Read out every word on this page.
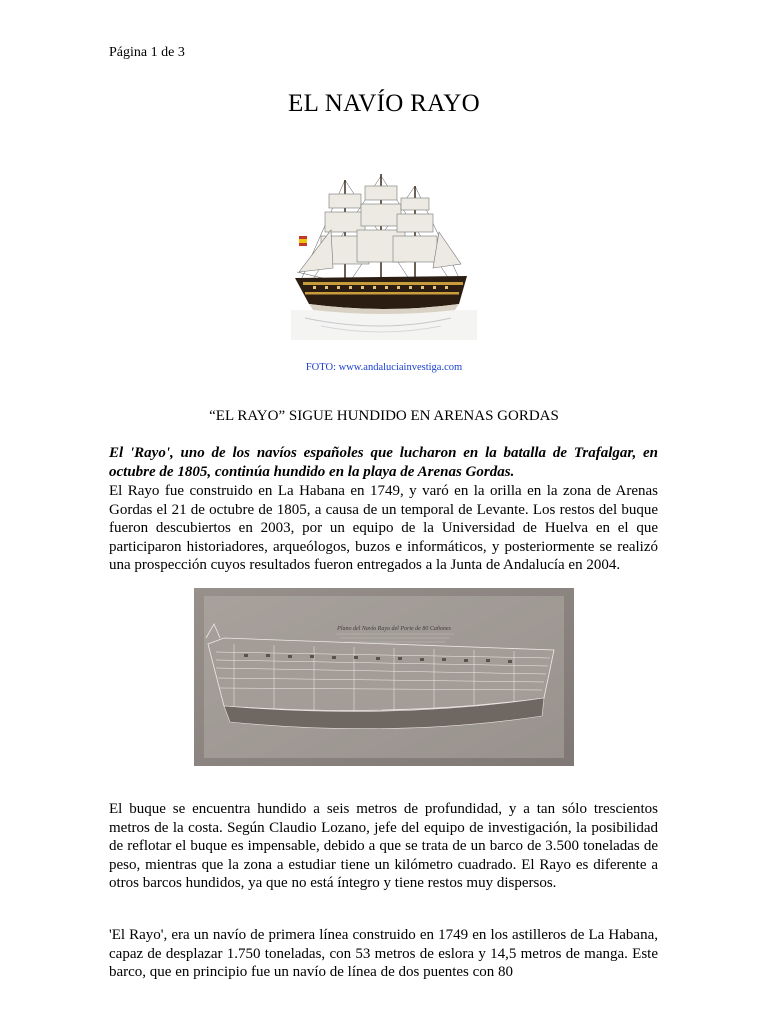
Página 1 de 3
EL NAVÍO RAYO
FOTO: www.andaluciainvestiga.com
“EL RAYO” SIGUE HUNDIDO EN ARENAS GORDAS

El 'Rayo', uno de los navíos españoles que lucharon en la batalla de Trafalgar, en octubre de 1805, continúa hundido en la playa de Arenas Gordas.

El Rayo fue construido en La Habana en 1749, y varó en la orilla en la zona de Arenas Gordas el 21 de octubre de 1805, a causa de un temporal de Levante. Los restos del buque fueron descubiertos en 2003, por un equipo de la Universidad de Huelva en el que participaron historiadores, arqueólogos, buzos e informáticos, y posteriormente se realizó una prospección cuyos resultados fueron entregados a la Junta de Andalucía en 2004.

Plano del Navío Rayo del Porte de 80 Cañones

El buque se encuentra hundido a seis metros de profundidad, y a tan sólo trescientos metros de la costa. Según Claudio Lozano, jefe del equipo de investigación, la posibilidad de reflotar el buque es impensable, debido a que se trata de un barco de 3.500 toneladas de peso, mientras que la zona a estudiar tiene un kilómetro cuadrado. El Rayo es diferente a otros barcos hundidos, ya que no está íntegro y tiene restos muy dispersos.

'El Rayo', era un navío de primera línea construido en 1749 en los astilleros de La Habana, capaz de desplazar 1.750 toneladas, con 53 metros de eslora y 14,5 metros de manga. Este barco, que en principio fue un navío de línea de dos puentes con 80
